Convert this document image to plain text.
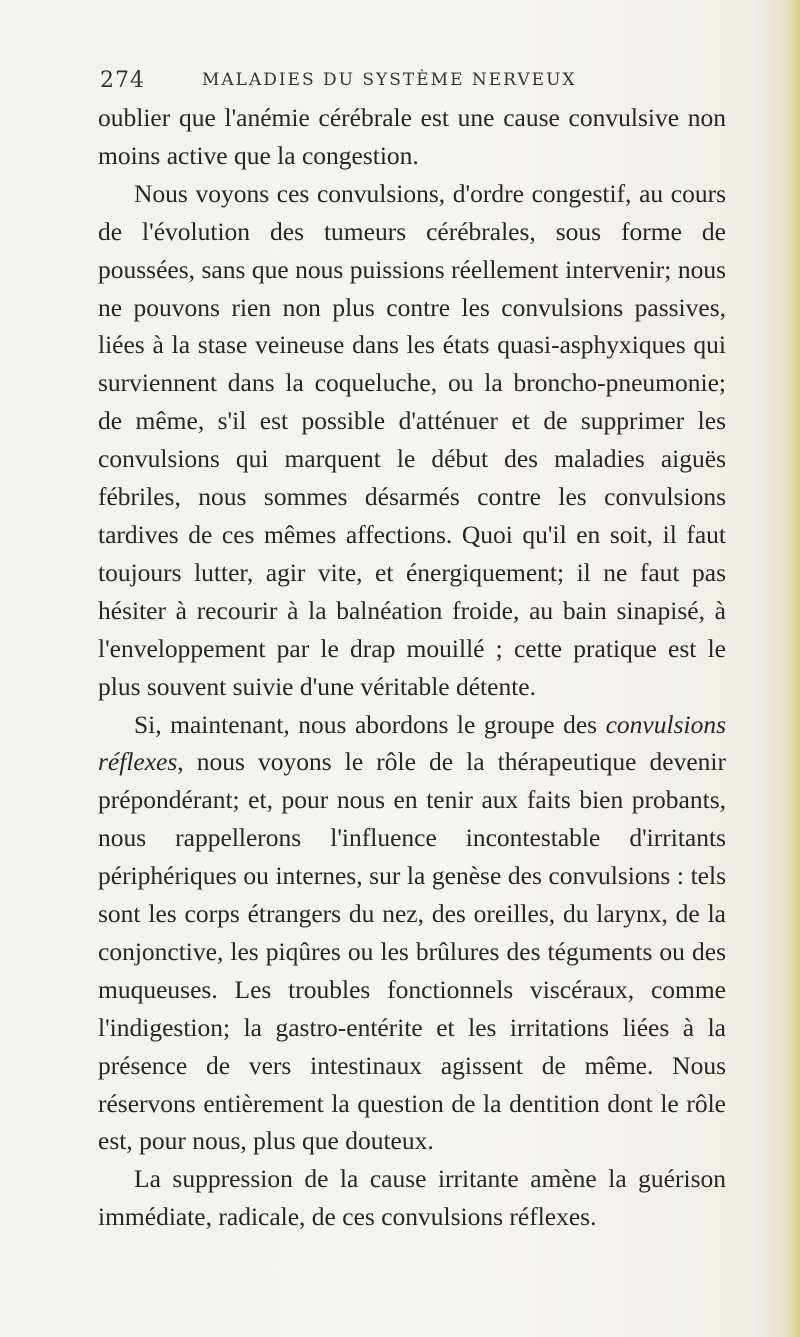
274	MALADIES DU SYSTÈME NERVEUX

oublier que l'anémie cérébrale est une cause convulsive non moins active que la congestion.

Nous voyons ces convulsions, d'ordre congestif, au cours de l'évolution des tumeurs cérébrales, sous forme de poussées, sans que nous puissions réellement intervenir; nous ne pouvons rien non plus contre les convulsions passives, liées à la stase veineuse dans les états quasi-asphyxiques qui surviennent dans la coqueluche, ou la broncho-pneumonie; de même, s'il est possible d'atténuer et de supprimer les convulsions qui marquent le début des maladies aiguës fébriles, nous sommes désarmés contre les convulsions tardives de ces mêmes affections. Quoi qu'il en soit, il faut toujours lutter, agir vite, et énergiquement; il ne faut pas hésiter à recourir à la balnéation froide, au bain sinapisé, à l'enveloppement par le drap mouillé ; cette pratique est le plus souvent suivie d'une véritable détente.

Si, maintenant, nous abordons le groupe des convulsions réflexes, nous voyons le rôle de la thérapeutique devenir prépondérant; et, pour nous en tenir aux faits bien probants, nous rappellerons l'influence incontestable d'irritants périphériques ou internes, sur la genèse des convulsions : tels sont les corps étrangers du nez, des oreilles, du larynx, de la conjonctive, les piqûres ou les brûlures des téguments ou des muqueuses. Les troubles fonctionnels viscéraux, comme l'indigestion; la gastro-entérite et les irritations liées à la présence de vers intestinaux agissent de même. Nous réservons entièrement la question de la dentition dont le rôle est, pour nous, plus que douteux.

La suppression de la cause irritante amène la guérison immédiate, radicale, de ces convulsions réflexes.
